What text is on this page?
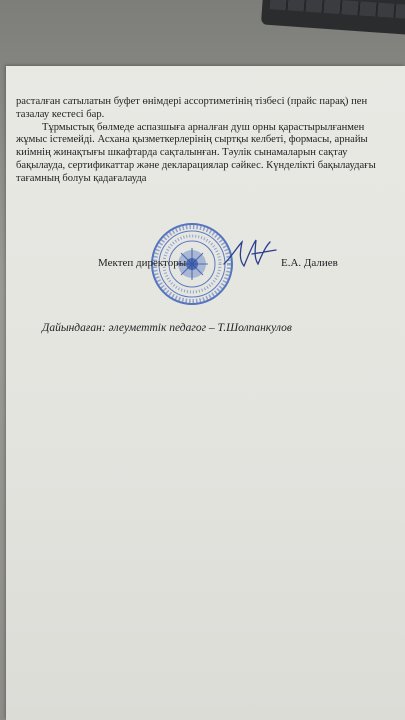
расталған сатылатын буфет өнімдері ассортиметінің тізбесі (прайс парақ) пен тазалау кестесі бар.

Тұрмыстық бөлмеде аспазшыға арналған душ орны қарастырылғанмен жұмыс істемейді. Асхана қызметкерлерінің сыртқы келбеті, формасы, арнайы киімнің жинақтығы шкафтарда сақталынған. Тәулік сынамаларын сақтау бақылауда, сертификаттар және декларациялар сәйкес. Күнделікті бақылаудағы тағамның болуы қадағалауда

Мектеп директоры	Е.А. Далиев
Дайындаған: әлеуметтік педагог – Т.Шолпанкулов
